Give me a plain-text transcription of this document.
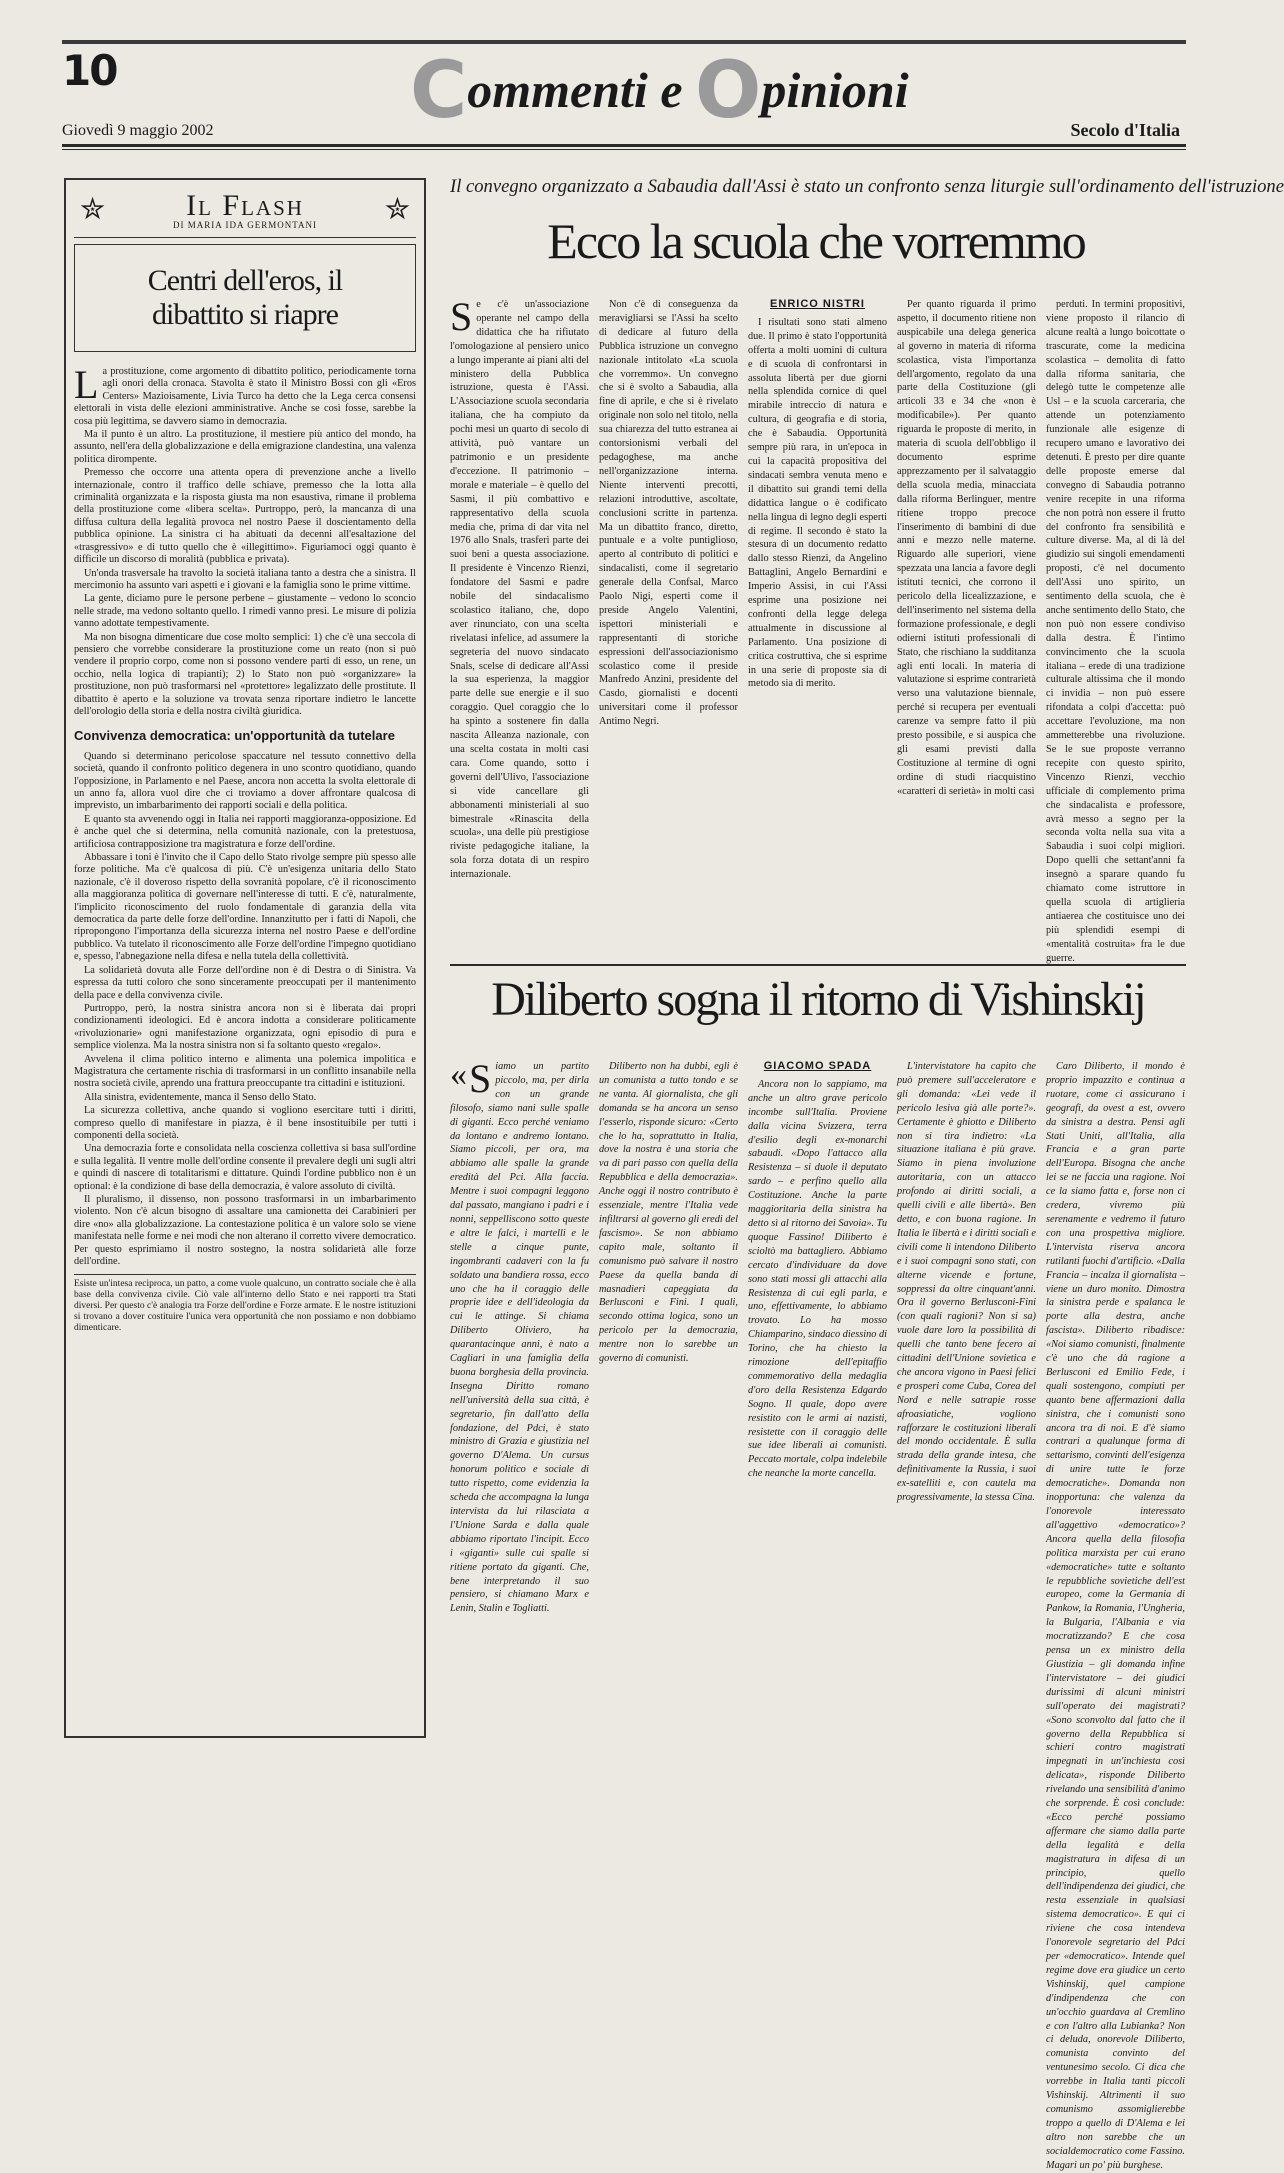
10	Commenti e Opinioni
Giovedì 9 maggio 2002	Secolo d'Italia
✮	Il Flash
DI MARIA IDA GERMONTANI	✮
Centri dell'eros, il dibattito si riapre

La prostituzione, come argomento di dibattito politico, periodicamente torna agli onori della cronaca. Stavolta è stato il Ministro Bossi con gli «Eros Centers» Mazioisamente, Livia Turco ha detto che la Lega cerca consensi elettorali in vista delle elezioni amministrative. Anche se così fosse, sarebbe la cosa più legittima, se davvero siamo in democrazia.

Ma il punto è un altro. La prostituzione, il mestiere più antico del mondo, ha assunto, nell'era della globalizzazione e della emigrazione clandestina, una valenza politica dirompente.

Premesso che occorre una attenta opera di prevenzione anche a livello internazionale, contro il traffico delle schiave, premesso che la lotta alla criminalità organizzata e la risposta giusta ma non esaustiva, rimane il problema della prostituzione come «libera scelta». Purtroppo, però, la mancanza di una diffusa cultura della legalità provoca nel nostro Paese il doscientamento della pubblica opinione. La sinistra ci ha abituati da decenni all'esaltazione del «trasgressivo» e di tutto quello che è «illegittimo». Figuriamoci oggi quanto è difficile un discorso di moralità (pubblica e privata).

Un'onda trasversale ha travolto la società italiana tanto a destra che a sinistra. Il mercimonio ha assunto vari aspetti e i giovani e la famiglia sono le prime vittime.

La gente, diciamo pure le persone perbene – giustamente – vedono lo sconcio nelle strade, ma vedono soltanto quello. I rimedi vanno presi. Le misure di polizia vanno adottate tempestivamente.

Ma non bisogna dimenticare due cose molto semplici: 1) che c'è una seccola di pensiero che vorrebbe considerare la prostituzione come un reato (non si può vendere il proprio corpo, come non si possono vendere parti di esso, un rene, un occhio, nella logica di trapianti); 2) lo Stato non può «organizzare» la prostituzione, non può trasformarsi nel «protettore» legalizzato delle prostitute. Il dibattito è aperto e la soluzione va trovata senza riportare indietro le lancette dell'orologio della storia e della nostra civiltà giuridica.

Convivenza democratica: un'opportunità da tutelare

Quando si determinano pericolose spaccature nel tessuto connettivo della società, quando il confronto politico degenera in uno scontro quotidiano, quando l'opposizione, in Parlamento e nel Paese, ancora non accetta la svolta elettorale di un anno fa, allora vuol dire che ci troviamo a dover affrontare qualcosa di imprevisto, un imbarbarimento dei rapporti sociali e della politica.

E quanto sta avvenendo oggi in Italia nei rapporti maggioranza-opposizione. Ed è anche quel che si determina, nella comunità nazionale, con la pretestuosa, artificiosa contrapposizione tra magistratura e forze dell'ordine.

Abbassare i toni è l'invito che il Capo dello Stato rivolge sempre più spesso alle forze politiche. Ma c'è qualcosa di più. C'è un'esigenza unitaria dello Stato nazionale, c'è il doveroso rispetto della sovranità popolare, c'è il riconoscimento alla maggioranza politica di governare nell'interesse di tutti. E c'è, naturalmente, l'implicito riconoscimento del ruolo fondamentale di garanzia della vita democratica da parte delle forze dell'ordine. Innanzitutto per i fatti di Napoli, che ripropongono l'importanza della sicurezza interna nel nostro Paese e dell'ordine pubblico. Va tutelato il riconoscimento alle Forze dell'ordine l'impegno quotidiano e, spesso, l'abnegazione nella difesa e nella tutela della collettività.

La solidarietà dovuta alle Forze dell'ordine non è di Destra o di Sinistra. Va espressa da tutti coloro che sono sinceramente preoccupati per il mantenimento della pace e della convivenza civile.

Purtroppo, però, la nostra sinistra ancora non si è liberata dai propri condizionamenti ideologici. Ed è ancora indotta a considerare politicamente «rivoluzionarie» ogni manifestazione organizzata, ogni episodio di pura e semplice violenza. Ma la nostra sinistra non si fa soltanto questo «regalo».

Avvelena il clima politico interno e alimenta una polemica impolitica e Magistratura che certamente rischia di trasformarsi in un conflitto insanabile nella nostra società civile, aprendo una frattura preoccupante tra cittadini e istituzioni.

Alla sinistra, evidentemente, manca il Senso dello Stato.

La sicurezza collettiva, anche quando si vogliono esercitare tutti i diritti, compreso quello di manifestare in piazza, è il bene insostituibile per tutti i componenti della società.

Una democrazia forte e consolidata nella coscienza collettiva si basa sull'ordine e sulla legalità. Il ventre molle dell'ordine consente il prevalere degli uni sugli altri e quindi di nascere di totalitarismi e dittature. Quindi l'ordine pubblico non è un optional: è la condizione di base della democrazia, è valore assoluto di civiltà.

Il pluralismo, il dissenso, non possono trasformarsi in un imbarbarimento violento. Non c'è alcun bisogno di assaltare una camionetta dei Carabinieri per dire «no» alla globalizzazione. La contestazione politica è un valore solo se viene manifestata nelle forme e nei modi che non alterano il corretto vivere democratico. Per questo esprimiamo il nostro sostegno, la nostra solidarietà alle forze dell'ordine.

Esiste un'intesa reciproca, un patto, a come vuole qualcuno, un contratto sociale che è alla base della convivenza civile. Ciò vale all'interno dello Stato e nei rapporti tra Stati diversi. Per questo c'è analogia tra Forze dell'ordine e Forze armate. E le nostre istituzioni si trovano a dover costituire l'unica vera opportunità che non possiamo e non dobbiamo dimenticare.
Il convegno organizzato a Sabaudia dall'Assi è stato un confronto senza liturgie sull'ordinamento dell'istruzione
Ecco la scuola che vorremmo

Se c'è un'associazione operante nel campo della didattica che ha rifiutato l'omologazione al pensiero unico a lungo imperante ai piani alti del ministero della Pubblica istruzione, questa è l'Assi. L'Associazione scuola secondaria italiana, che ha compiuto da pochi mesi un quarto di secolo di attività, può vantare un patrimonio e un presidente d'eccezione. Il patrimonio – morale e materiale – è quello del Sasmi, il più combattivo e rappresentativo della scuola media che, prima di dar vita nel 1976 allo Snals, trasferì parte dei suoi beni a questa associazione. Il presidente è Vincenzo Rienzi, fondatore del Sasmi e padre nobile del sindacalismo scolastico italiano, che, dopo aver rinunciato, con una scelta rivelatasi infelice, ad assumere la segreteria del nuovo sindacato Snals, scelse di dedicare all'Assi la sua esperienza, la maggior parte delle sue energie e il suo coraggio. Quel coraggio che lo ha spinto a sostenere fin dalla nascita Alleanza nazionale, con una scelta costata in molti casi cara. Come quando, sotto i governi dell'Ulivo, l'associazione si vide cancellare gli abbonamenti ministeriali al suo bimestrale «Rinascita della scuola», una delle più prestigiose riviste pedagogiche italiane, la sola forza dotata di un respiro internazionale.

Non c'è di conseguenza da meravigliarsi se l'Assi ha scelto di dedicare al futuro della Pubblica istruzione un convegno nazionale intitolato «La scuola che vorremmo». Un convegno che si è svolto a Sabaudia, alla fine di aprile, e che si è rivelato originale non solo nel titolo, nella sua chiarezza del tutto estranea ai contorsionismi verbali del pedagoghese, ma anche nell'organizzazione interna. Niente interventi precotti, relazioni introduttive, ascoltate, conclusioni scritte in partenza. Ma un dibattito franco, diretto, puntuale e a volte puntiglioso, aperto al contributo di politici e sindacalisti, come il segretario generale della Confsal, Marco Paolo Nigi, esperti come il preside Angelo Valentini, ispettori ministeriali e rappresentanti di storiche espressioni dell'associazionismo scolastico come il preside Manfredo Anzini, presidente del Casdo, giornalisti e docenti universitari come il professor Antimo Negri.

ENRICO NISTRI

I risultati sono stati almeno due. Il primo è stato l'opportunità offerta a molti uomini di cultura e di scuola di confrontarsi in assoluta libertà per due giorni nella splendida cornice di quel mirabile intreccio di natura e cultura, di geografia e di storia, che è Sabaudia. Opportunità sempre più rara, in un'epoca in cui la capacità propositiva del sindacati sembra venuta meno e il dibattito sui grandi temi della didattica langue o è codificato nella lingua di legno degli esperti di regime. Il secondo è stato la stesura di un documento redatto dallo stesso Rienzi, da Angelino Battaglini, Angelo Bernardini e Imperio Assisi, in cui l'Assi esprime una posizione nei confronti della legge delega attualmente in discussione al Parlamento. Una posizione di critica costruttiva, che si esprime in una serie di proposte sia di metodo sia di merito.

Per quanto riguarda il primo aspetto, il documento ritiene non auspicabile una delega generica al governo in materia di riforma scolastica, vista l'importanza dell'argomento, regolato da una parte della Costituzione (gli articoli 33 e 34 che «non è modificabile»). Per quanto riguarda le proposte di merito, in materia di scuola dell'obbligo il documento esprime apprezzamento per il salvataggio della scuola media, minacciata dalla riforma Berlinguer, mentre ritiene troppo precoce l'inserimento di bambini di due anni e mezzo nelle materne. Riguardo alle superiori, viene spezzata una lancia a favore degli istituti tecnici, che corrono il pericolo della licealizzazione, e dell'inserimento nel sistema della formazione professionale, e degli odierni istituti professionali di Stato, che rischiano la sudditanza agli enti locali. In materia di valutazione si esprime contrarietà verso una valutazione biennale, perché si recupera per eventuali carenze va sempre fatto il più presto possibile, e si auspica che gli esami previsti dalla Costituzione al termine di ogni ordine di studi riacquistino «caratteri di serietà» in molti casi

perduti. In termini propositivi, viene proposto il rilancio di alcune realtà a lungo boicottate o trascurate, come la medicina scolastica – demolita di fatto dalla riforma sanitaria, che delegò tutte le competenze alle Usl – e la scuola carceraria, che attende un potenziamento funzionale alle esigenze di recupero umano e lavorativo dei detenuti. È presto per dire quante delle proposte emerse dal convegno di Sabaudia potranno venire recepite in una riforma che non potrà non essere il frutto del confronto fra sensibilità e culture diverse. Ma, al di là del giudizio sui singoli emendamenti proposti, c'è nel documento dell'Assi uno spirito, un sentimento della scuola, che è anche sentimento dello Stato, che non può non essere condiviso dalla destra. È l'intimo convincimento che la scuola italiana – erede di una tradizione culturale altissima che il mondo ci invidia – non può essere rifondata a colpi d'accetta: può accettare l'evoluzione, ma non ammetterebbe una rivoluzione. Se le sue proposte verranno recepite con questo spirito, Vincenzo Rienzi, vecchio ufficiale di complemento prima che sindacalista e professore, avrà messo a segno per la seconda volta nella sua vita a Sabaudia i suoi colpi migliori. Dopo quelli che settant'anni fa insegnò a sparare quando fu chiamato come istruttore in quella scuola di artiglieria antiaerea che costituisce uno dei più splendidi esempi di «mentalità costruita» fra le due guerre.

Diliberto sogna il ritorno di Vishinskij

« S iamo un partito piccolo, ma, per dirla con un grande filosofo, siamo nani sulle spalle di giganti. Ecco perché veniamo da lontano e andremo lontano. Siamo piccoli, per ora, ma abbiamo alle spalle la grande eredità del Pci. Alla faccia. Mentre i suoi compagni leggono dal passato, mangiano i padri e i nonni, seppelliscono sotto queste e altre le falci, i martelli e le stelle a cinque punte, ingombranti cadaveri con la fu soldato una bandiera rossa, ecco uno che ha il coraggio delle proprie idee e dell'ideologia da cui le attinge. Si chiama Diliberto Oliviero, ha quarantacinque anni, è nato a Cagliari in una famiglia della buona borghesia della provincia. Insegna Diritto romano nell'università della sua città, è segretario, fin dall'atto della fondazione, del Pdci, è stato ministro di Grazia e giustizia nel governo D'Alema. Un cursus honorum politico e sociale di tutto rispetto, come evidenzia la scheda che accompagna la lunga intervista da lui rilasciata a l'Unione Sarda e dalla quale abbiamo riportato l'incipit. Ecco i «giganti» sulle cui spalle si ritiene portato da giganti. Che, bene interpretando il suo pensiero, si chiamano Marx e Lenin, Stalin e Togliatti.

Diliberto non ha dubbi, egli è un comunista a tutto tondo e se ne vanta. Al giornalista, che gli domanda se ha ancora un senso l'esserlo, risponde sicuro: «Certo che lo ha, soprattutto in Italia, dove la nostra è una storia che va di pari passo con quella della Repubblica e della democrazia». Anche oggi il nostro contributo è essenziale, mentre l'Italia vede infiltrarsi al governo gli eredi del fascismo». Se non abbiamo capito male, soltanto il comunismo può salvare il nostro Paese da quella banda di masnadieri capeggiata da Berlusconi e Fini. I quali, secondo ottima logica, sono un pericolo per la democrazia, mentre non lo sarebbe un governo di comunisti.

GIACOMO SPADA

Ancora non lo sappiamo, ma anche un altro grave pericolo incombe sull'Italia. Proviene dalla vicina Svizzera, terra d'esilio degli ex-monarchi sabaudi. «Dopo l'attacco alla Resistenza – si duole il deputato sardo – e perfino quello alla Costituzione. Anche la parte maggioritaria della sinistra ha detto sì al ritorno dei Savoia». Tu quoque Fassino! Diliberto è scioltò ma battagliero. Abbiamo cercato d'individuare da dove sono stati mossi gli attacchi alla Resistenza di cui egli parla, e uno, effettivamente, lo abbiamo trovato. Lo ha mosso Chiamparino, sindaco diessino di Torino, che ha chiesto la rimozione dell'epitaffio commemorativo della medaglia d'oro della Resistenza Edgardo Sogno. Il quale, dopo avere resistito con le armi ai nazisti, resistette con il coraggio delle sue idee liberali ai comunisti. Peccato mortale, colpa indelebile che neanche la morte cancella.

L'intervistatore ha capito che può premere sull'acceleratore e gli domanda: «Lei vede il pericolo lesiva già alle porte?». Certamente è ghiotto e Diliberto non si tira indietro: «La situazione italiana è più grave. Siamo in piena involuzione autoritaria, con un attacco profondo ai diritti sociali, a quelli civili e alle libertà». Ben detto, e con buona ragione. In Italia le libertà e i diritti sociali e civili come li intendono Diliberto e i suoi compagni sono stati, con alterne vicende e fortune, soppressi da oltre cinquant'anni. Ora il governo Berlusconi-Fini (con quali ragioni? Non si sa) vuole dare loro la possibilità di quelli che tanto bene fecero ai cittadini dell'Unione sovietica e che ancora vigono in Paesi felici e prosperi come Cuba, Corea del Nord e nelle satrapie rosse afroasiatiche, vogliono rafforzare le costituzioni liberali del mondo occidentale. È sulla strada della grande intesa, che definitivamente la Russia, i suoi ex-satelliti e, con cautela ma progressivamente, la stessa Cina.

Caro Diliberto, il mondo è proprio impazzito e continua a ruotare, come ci assicurano i geografi, da ovest a est, ovvero da sinistra a destra. Pensi agli Stati Uniti, all'Italia, alla Francia e a gran parte dell'Europa. Bisogna che anche lei se ne faccia una ragione. Noi ce la siamo fatta e, forse non ci credera, vivremo più serenamente e vedremo il futuro con una prospettiva migliore. L'intervista riserva ancora rutilanti fuochi d'artificio. «Dalla Francia – incalza il giornalista – viene un duro monito. Dimostra la sinistra perde e spalanca le porte alla destra, anche fascista». Diliberto ribadisce: «Noi siamo comunisti, finalmente c'è uno che dà ragione a Berlusconi ed Emilio Fede, i quali sostengono, compiuti per quanto bene affermazioni dalla sinistra, che i comunisti sono ancora tra di noi. E d'è siamo contrari a qualunque forma di settarismo, convinti dell'esigenza di unire tutte le forze democratiche». Domanda non inopportuna: che valenza da l'onorevole interessato all'aggettivo «democratico»? Ancora quella della filosofia politica marxista per cui erano «democratiche» tutte e soltanto le repubbliche sovietiche dell'est europeo, come la Germania di Pankow, la Romania, l'Ungheria, la Bulgaria, l'Albania e via mocratizzando? E che cosa pensa un ex ministro della Giustizia – gli domanda infine l'intervistatore – dei giudici durissimi di alcuni ministri sull'operato dei magistrati? «Sono sconvolto dal fatto che il governo della Repubblica si schieri contro magistrati impegnati in un'inchiesta così delicata», risponde Diliberto rivelando una sensibilità d'animo che sorprende. È così conclude: «Ecco perché possiamo affermare che siamo dalla parte della legalità e della magistratura in difesa di un principio, quello dell'indipendenza dei giudici, che resta essenziale in qualsiasi sistema democratico». E qui ci riviene che cosa intendeva l'onorevole segretario del Pdci per «democratico». Intende quel regime dove era giudice un certo Vishinskij, quel campione d'indipendenza che con un'occhio guardava al Cremlino e con l'altro alla Lubianka? Non ci deluda, onorevole Diliberto, comunista convinto del ventunesimo secolo. Ci dica che vorrebbe in Italia tanti piccoli Vishinskij. Altrimenti il suo comunismo assomiglierebbe troppo a quello di D'Alema e lei altro non sarebbe che un socialdemocratico come Fassino. Magari un po' più burghese.
